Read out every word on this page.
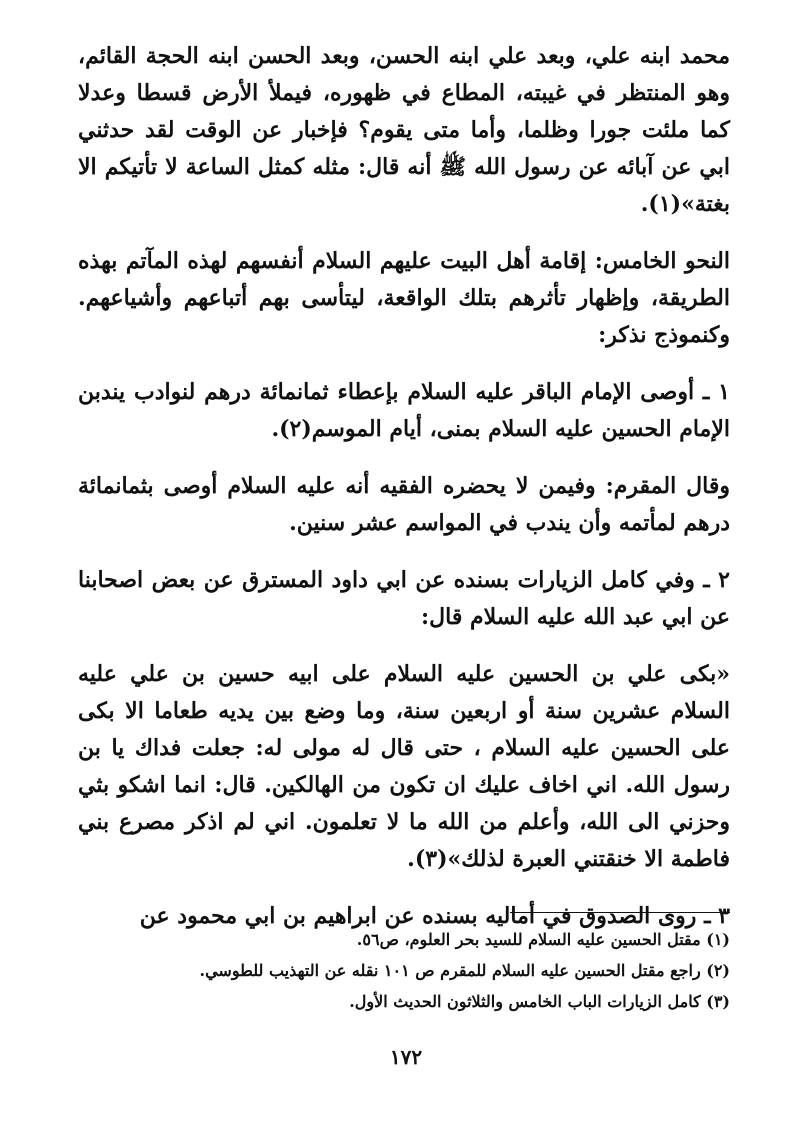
محمد ابنه علي، وبعد علي ابنه الحسن، وبعد الحسن ابنه الحجة القائم، وهو المنتظر في غيبته، المطاع في ظهوره، فيملأ الأرض قسطا وعدلا كما ملئت جورا وظلما، وأما متى يقوم؟ فإخبار عن الوقت لقد حدثني ابي عن آبائه عن رسول الله ﷺ أنه قال: مثله كمثل الساعة لا تأتيكم الا بغتة»(١).

النحو الخامس: إقامة أهل البيت عليهم السلام أنفسهم لهذه المآتم بهذه الطريقة، وإظهار تأثرهم بتلك الواقعة، ليتأسى بهم أتباعهم وأشياعهم. وكنموذج نذكر:

١ ـ أوصى الإمام الباقر عليه السلام بإعطاء ثمانمائة درهم لنوادب يندبن الإمام الحسين عليه السلام بمنى، أيام الموسم(٢).

وقال المقرم: وفيمن لا يحضره الفقيه أنه عليه السلام أوصى بثمانمائة درهم لمأتمه وأن يندب في المواسم عشر سنين.

٢ ـ وفي كامل الزيارات بسنده عن ابي داود المسترق عن بعض اصحابنا عن ابي عبد الله عليه السلام قال:

«بكى علي بن الحسين عليه السلام على ابيه حسين بن علي عليه السلام عشرين سنة أو اربعين سنة، وما وضع بين يديه طعاما الا بكى على الحسين عليه السلام ، حتى قال له مولى له: جعلت فداك يا بن رسول الله. اني اخاف عليك ان تكون من الهالكين. قال: انما اشكو بثي وحزني الى الله، وأعلم من الله ما لا تعلمون. اني لم اذكر مصرع بني فاطمة الا خنقتني العبرة لذلك»(٣).

٣ ـ روى الصدوق في أماليه بسنده عن ابراهيم بن ابي محمود عن

(١) مقتل الحسين عليه السلام للسيد بحر العلوم، ص٥٦.
(٢) راجع مقتل الحسين عليه السلام للمقرم ص ١٠١ نقله عن التهذيب للطوسي.
(٣) كامل الزيارات الباب الخامس والثلاثون الحديث الأول.
١٧٢
